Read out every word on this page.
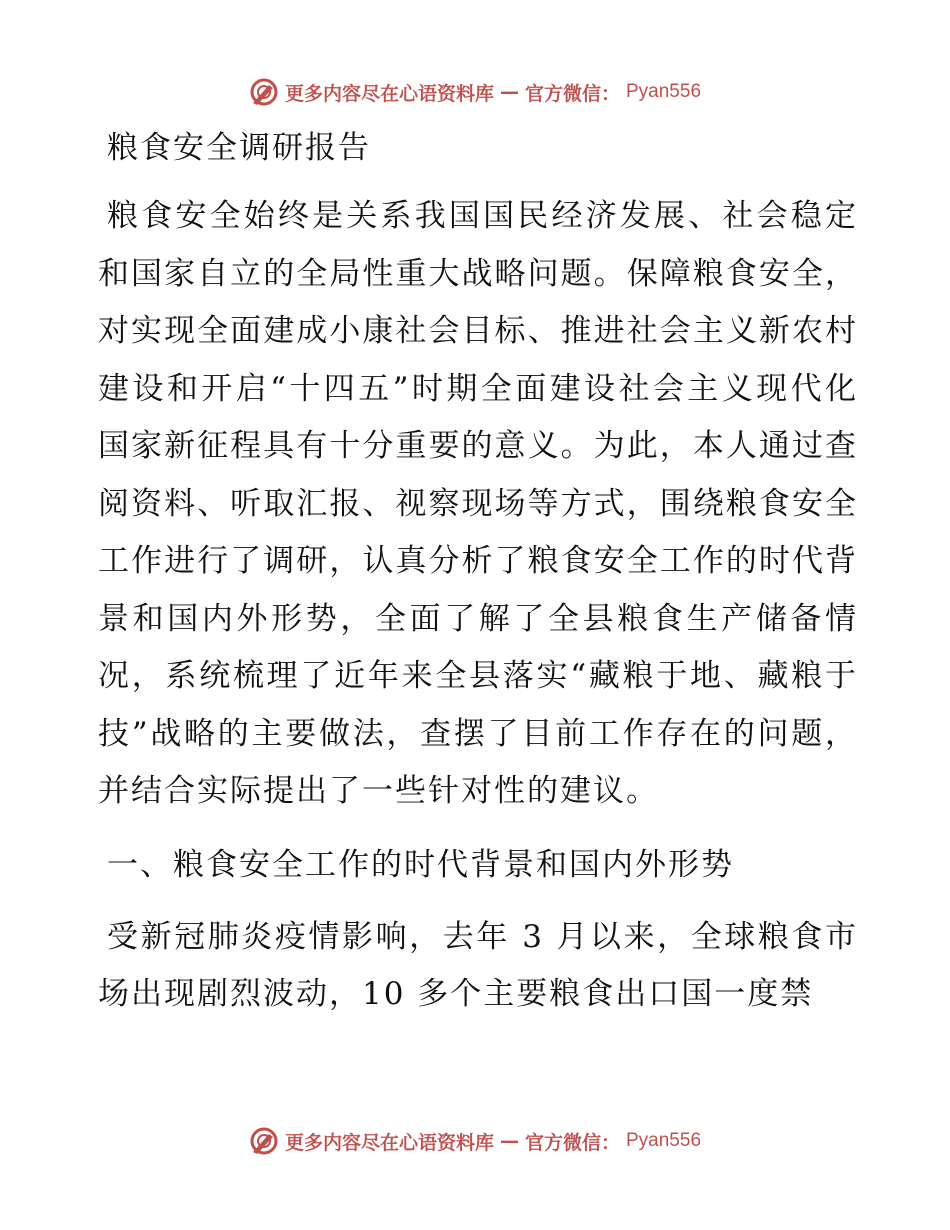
更多内容尽在心语资料库 — 官方微信： Pyan556
粮食安全调研报告

粮食安全始终是关系我国国民经济发展、社会稳定和国家自立的全局性重大战略问题。保障粮食安全，对实现全面建成小康社会目标、推进社会主义新农村建设和开启“十四五”时期全面建设社会主义现代化国家新征程具有十分重要的意义。为此，本人通过查阅资料、听取汇报、视察现场等方式，围绕粮食安全工作进行了调研，认真分析了粮食安全工作的时代背景和国内外形势，全面了解了全县粮食生产储备情况，系统梳理了近年来全县落实“藏粮于地、藏粮于技”战略的主要做法，查摆了目前工作存在的问题，并结合实际提出了一些针对性的建议。

一、粮食安全工作的时代背景和国内外形势

受新冠肺炎疫情影响，去年 3 月以来，全球粮食市场出现剧烈波动，10 多个主要粮食出口国一度禁

更多内容尽在心语资料库 — 官方微信： Pyan556
